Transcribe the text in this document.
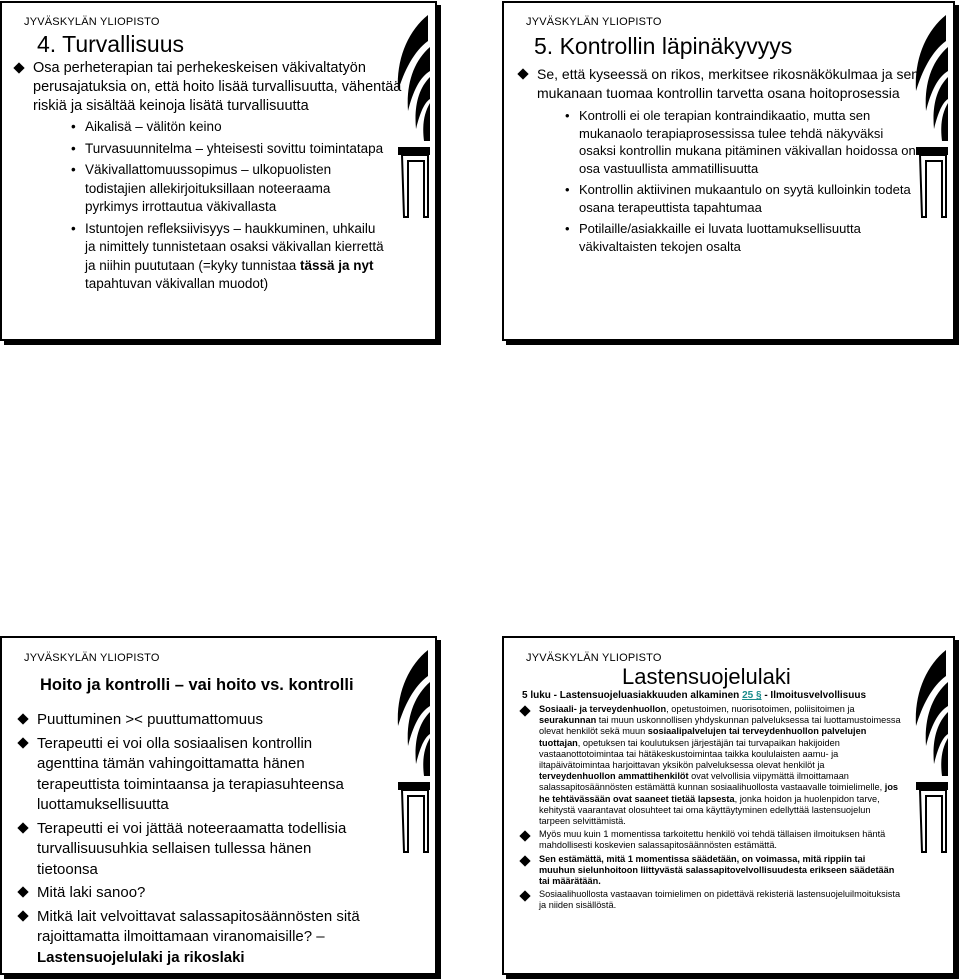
JYVÄSKYLÄN YLIOPISTO
4. Turvallisuus
Osa perheterapian tai perhekeskeisen väkivaltatyön perusajatuksia on, että hoito lisää turvallisuutta, vähentää riskiä ja sisältää keinoja lisätä turvallisuutta
• Aikalisä – välitön keino
• Turvasuunnitelma – yhteisesti sovittu toimintatapa
• Väkivallattomuussopimus – ulkopuolisten todistajien allekirjoituksillaan noteeraama pyrkimys irrottautua väkivallasta
• Istuntojen refleksiivisyys – haukkuminen, uhkailu ja nimittely tunnistetaan osaksi väkivallan kierrettä ja niihin puututaan (=kyky tunnistaa tässä ja nyt tapahtuvan väkivallan muodot)
JYVÄSKYLÄN YLIOPISTO
5. Kontrollin läpinäkyvyys
Se, että kyseessä on rikos, merkitsee rikosnäkökulmaa ja sen mukanaan tuomaa kontrollin tarvetta osana hoitoprosessia
• Kontrolli ei ole terapian kontraindikaatio, mutta sen mukanaolo terapiaprosessissa tulee tehdä näkyväksi osaksi kontrollin mukana pitäminen väkivallan hoidossa on osa vastuullista ammatillisuutta
• Kontrollin aktiivinen mukaantulo on syytä kulloinkin todeta osana terapeuttista tapahtumaa
• Potilaille/asiakkaille ei luvata luottamuksellisuutta väkivaltaisten tekojen osalta
JYVÄSKYLÄN YLIOPISTO
Hoito ja kontrolli – vai hoito vs. kontrolli
Puuttuminen >< puuttumattomuus
Terapeutti ei voi olla sosiaalisen kontrollin agenttina tämän vahingoittamatta hänen terapeuttista toimintaansa ja terapiasuhteensa luottamuksellisuutta
Terapeutti ei voi jättää noteeraamatta todellisia turvallisuusuhkia sellaisen tullessa hänen tietoonsa
Mitä laki sanoo?
Mitkä lait velvoittavat salassapitosäännösten sitä rajoittamatta ilmoittamaan viranomaisille? – Lastensuojelulaki ja rikoslaki
JYVÄSKYLÄN YLIOPISTO
Lastensuojelulaki
5 luku - Lastensuojeluasiakkuuden alkaminen 25 § - Ilmoitusvelvollisuus
Sosiaali- ja terveydenhuollon, opetustoimen, nuorisotoimen, poliisitoimen ja seurakunnan tai muun uskonnollisen yhdyskunnan palveluksessa tai luottamustoimessa olevat henkilöt sekä muun sosiaalipalvelujen tai terveydenhuollon palvelujen tuottajan, opetuksen tai koulutuksen järjestäjän tai turvapaikan hakijoiden vastaanottotoimintaa tai hätäkeskustoimintaa taikka koululaisten aamu- ja iltapäivätoimintaa harjoittavan yksikön palveluksessa olevat henkilöt ja terveydenhuollon ammattihenkilöt ovat velvollisia viipymättä ilmoittamaan salassapitosäännösten estämättä kunnan sosiaalihuollosta vastaavalle toimielimelle, jos he tehtävässään ovat saaneet tietää lapsesta, jonka hoidon ja huolenpidon tarve, kehitystä vaarantavat olosuhteet tai oma käyttäytyminen edellyttää lastensuojelun tarpeen selvittämistä.
Myös muu kuin 1 momentissa tarkoitettu henkilö voi tehdä tällaisen ilmoituksen häntä mahdollisesti koskevien salassapitosäännösten estämättä.
Sen estämättä, mitä 1 momentissa säädetään, on voimassa, mitä rippiin tai muuhun sielunhoitoon liittyvästä salassapitovelvollisuudesta erikseen säädetään tai määrätään.
Sosiaalihuollosta vastaavan toimielimen on pidettävä rekisteriä lastensuojeluilmoituksista ja niiden sisällöstä.
